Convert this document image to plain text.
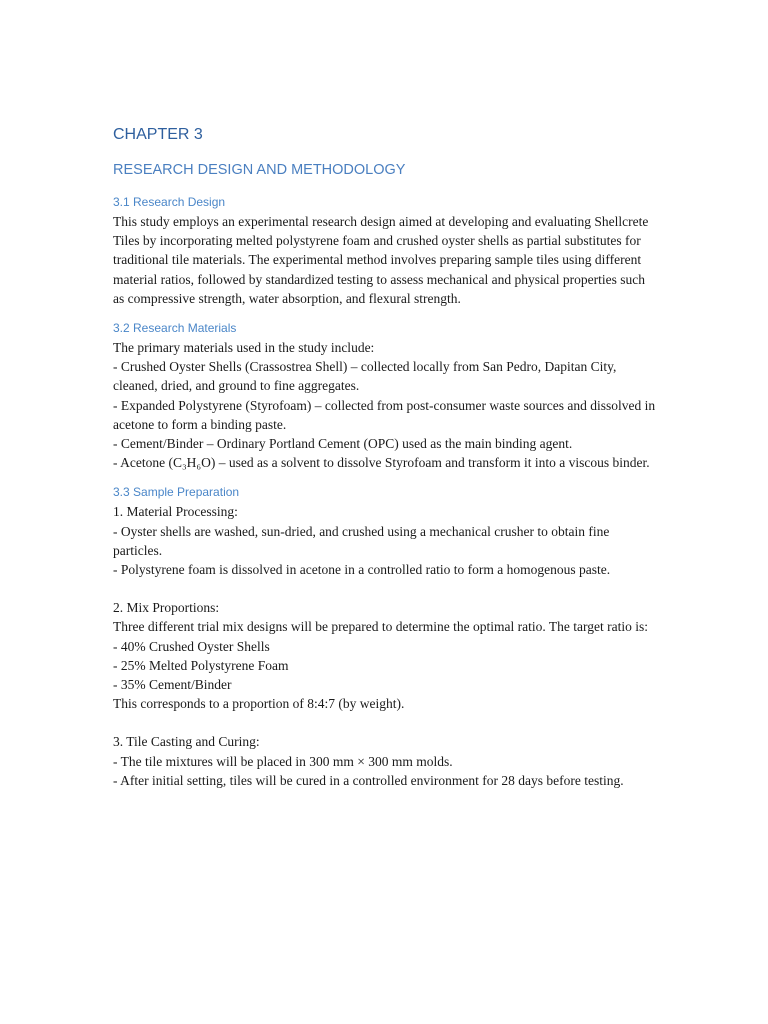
CHAPTER 3
RESEARCH DESIGN AND METHODOLOGY
3.1 Research Design

This study employs an experimental research design aimed at developing and evaluating Shellcrete Tiles by incorporating melted polystyrene foam and crushed oyster shells as partial substitutes for traditional tile materials. The experimental method involves preparing sample tiles using different material ratios, followed by standardized testing to assess mechanical and physical properties such as compressive strength, water absorption, and flexural strength.

3.2 Research Materials

The primary materials used in the study include:
- Crushed Oyster Shells (Crassostrea Shell) – collected locally from San Pedro, Dapitan City, cleaned, dried, and ground to fine aggregates.
- Expanded Polystyrene (Styrofoam) – collected from post-consumer waste sources and dissolved in acetone to form a binding paste.
- Cement/Binder – Ordinary Portland Cement (OPC) used as the main binding agent.
- Acetone (C₃H₆O) – used as a solvent to dissolve Styrofoam and transform it into a viscous binder.

3.3 Sample Preparation

1. Material Processing:
- Oyster shells are washed, sun-dried, and crushed using a mechanical crusher to obtain fine particles.
- Polystyrene foam is dissolved in acetone in a controlled ratio to form a homogenous paste.

2. Mix Proportions:
Three different trial mix designs will be prepared to determine the optimal ratio. The target ratio is:
- 40% Crushed Oyster Shells
- 25% Melted Polystyrene Foam
- 35% Cement/Binder
This corresponds to a proportion of 8:4:7 (by weight).

3. Tile Casting and Curing:
- The tile mixtures will be placed in 300 mm × 300 mm molds.
- After initial setting, tiles will be cured in a controlled environment for 28 days before testing.
